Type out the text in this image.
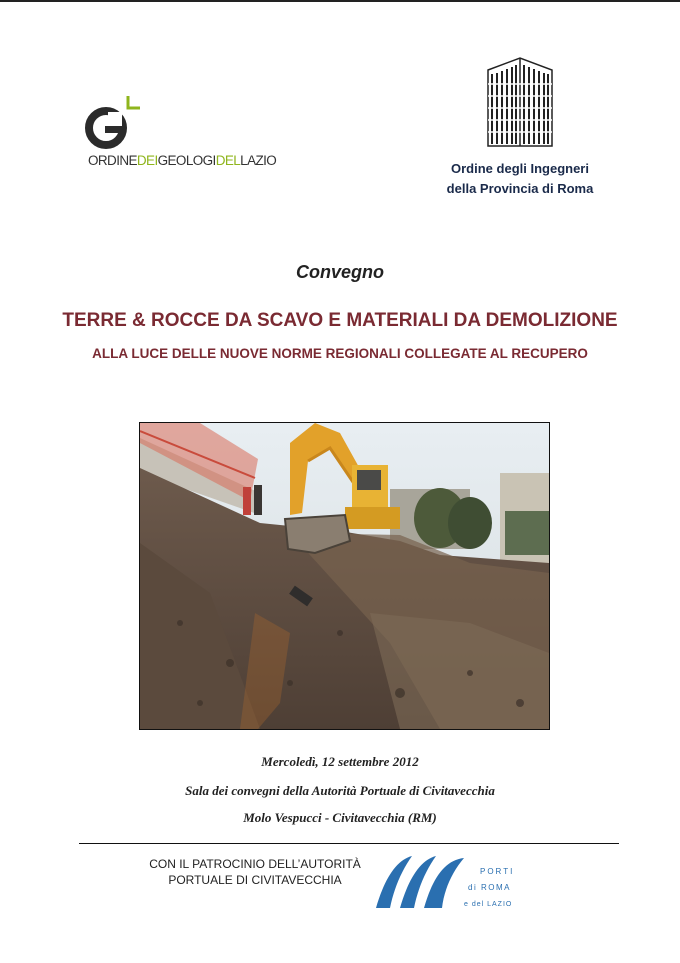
ORDINEDEIGEOLOGIDELLAZIO
Ordine degli Ingegneri
della Provincia di Roma
Convegno
TERRE & ROCCE DA SCAVO E MATERIALI DA DEMOLIZIONE
ALLA LUCE DELLE NUOVE NORME REGIONALI COLLEGATE AL RECUPERO
Mercoledì, 12 settembre 2012
Sala dei convegni della Autorità Portuale di Civitavecchia
Molo Vespucci - Civitavecchia (RM)
CON IL PATROCINIO DELL’AUTORITÀ
PORTUALE DI CIVITAVECCHIA
PORTI
di ROMA
e del LAZIO
